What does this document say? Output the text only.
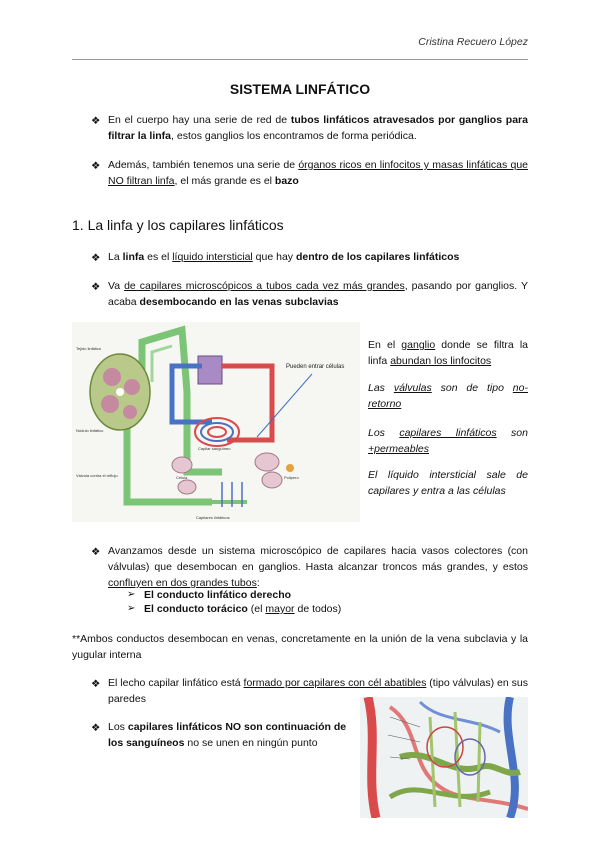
Cristina Recuero López
SISTEMA LINFÁTICO
❖ En el cuerpo hay una serie de red de tubos linfáticos atravesados por ganglios para filtrar la linfa, estos ganglios los encontramos de forma periódica.
❖ Además, también tenemos una serie de órganos ricos en linfocitos y masas linfáticas que NO filtran linfa, el más grande es el bazo
1. La linfa y los capilares linfáticos
❖ La linfa es el líquido intersticial que hay dentro de los capilares linfáticos
❖ Va de capilares microscópicos a tubos cada vez más grandes, pasando por ganglios. Y acaba desembocando en las venas subclavias
Pueden entrar células
Tejido linfático
Nódulo linfático
Válvula contra el reflujo
Capilar sanguíneo
Capilares linfáticos
Célula	Polipero
En el ganglio donde se filtra la linfa abundan los linfocitos
Las válvulas son de tipo no-retorno
Los capilares linfáticos son +permeables
El líquido intersticial sale de capilares y entra a las células
❖ Avanzamos desde un sistema microscópico de capilares hacia vasos colectores (con válvulas) que desembocan en ganglios. Hasta alcanzar troncos más grandes, y estos confluyen en dos grandes tubos:
➢ El conducto linfático derecho
➢ El conducto torácico (el mayor de todos)
**Ambos conductos desembocan en venas, concretamente en la unión de la vena subclavia y la yugular interna
❖ El lecho capilar linfático está formado por capilares con cél abatibles (tipo válvulas) en sus paredes
❖ Los capilares linfáticos NO son continuación de los sanguíneos no se unen en ningún punto
